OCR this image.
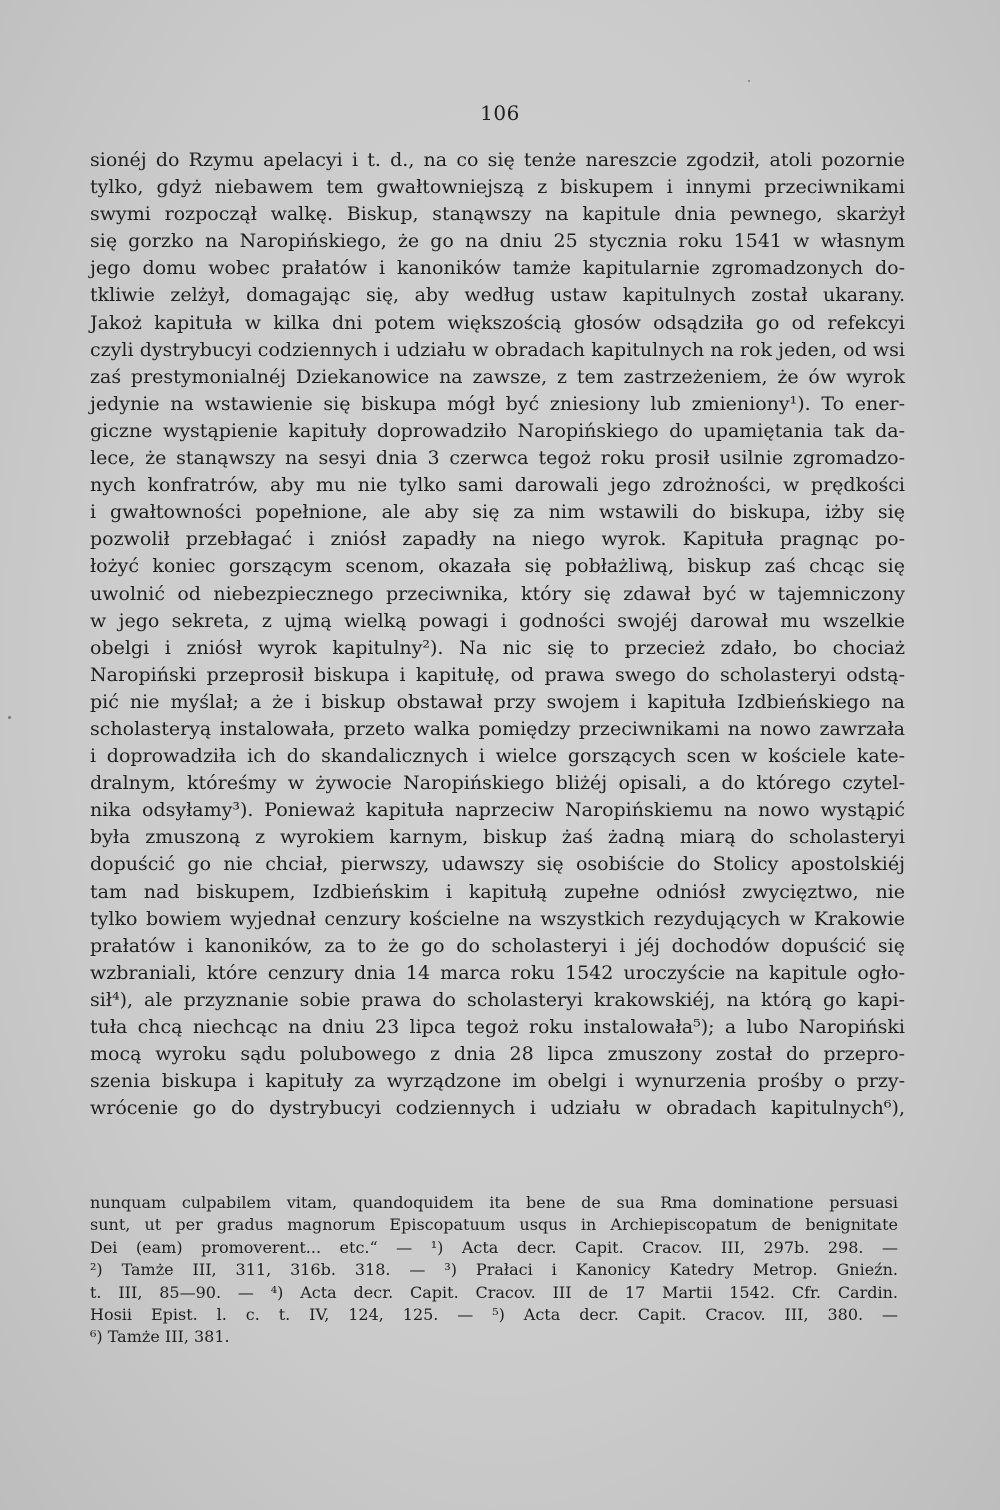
106
sionéj do Rzymu apelacyi i t. d., na co się tenże nareszcie zgodził, atoli pozornie
tylko, gdyż niebawem tem gwałtowniejszą z biskupem i innymi przeciwnikami
swymi rozpoczął walkę. Biskup, stanąwszy na kapitule dnia pewnego, skarżył
się gorzko na Naropińskiego, że go na dniu 25 stycznia roku 1541 w własnym
jego domu wobec prałatów i kanoników tamże kapitularnie zgromadzonych do-
tkliwie zelżył, domagając się, aby według ustaw kapitulnych został ukarany.
Jakoż kapituła w kilka dni potem większością głosów odsądziła go od refekcyi
czyli dystrybucyi codziennych i udziału w obradach kapitulnych na rok jeden, od wsi
zaś prestymonialnéj Dziekanowice na zawsze, z tem zastrzeżeniem, że ów wyrok
jedynie na wstawienie się biskupa mógł być zniesiony lub zmieniony¹). To ener-
giczne wystąpienie kapituły doprowadziło Naropińskiego do upamiętania tak da-
lece, że stanąwszy na sesyi dnia 3 czerwca tegoż roku prosił usilnie zgromadzo-
nych konfratrów, aby mu nie tylko sami darowali jego zdrożności, w prędkości
i gwałtowności popełnione, ale aby się za nim wstawili do biskupa, iżby się
pozwolił przebłagać i zniósł zapadły na niego wyrok. Kapituła pragnąc po-
łożyć koniec gorszącym scenom, okazała się pobłażliwą, biskup zaś chcąc się
uwolnić od niebezpiecznego przeciwnika, który się zdawał być w tajemniczony
w jego sekreta, z ujmą wielką powagi i godności swojéj darował mu wszelkie
obelgi i zniósł wyrok kapitulny²). Na nic się to przecież zdało, bo chociaż
Naropiński przeprosił biskupa i kapitułę, od prawa swego do scholasteryi odstą-
pić nie myślał; a że i biskup obstawał przy swojem i kapituła Izdbieńskiego na
scholasteryą instalowała, przeto walka pomiędzy przeciwnikami na nowo zawrzała
i doprowadziła ich do skandalicznych i wielce gorszących scen w kościele kate-
dralnym, któreśmy w żywocie Naropińskiego bliżéj opisali, a do którego czytel-
nika odsyłamy³). Ponieważ kapituła naprzeciw Naropińskiemu na nowo wystąpić
była zmuszoną z wyrokiem karnym, biskup żaś żadną miarą do scholasteryi
dopuścić go nie chciał, pierwszy, udawszy się osobiście do Stolicy apostolskiéj
tam nad biskupem, Izdbieńskim i kapitułą zupełne odniósł zwycięztwo, nie
tylko bowiem wyjednał cenzury kościelne na wszystkich rezydujących w Krakowie
prałatów i kanoników, za to że go do scholasteryi i jéj dochodów dopuścić się
wzbraniali, które cenzury dnia 14 marca roku 1542 uroczyście na kapitule ogło-
sił⁴), ale przyznanie sobie prawa do scholasteryi krakowskiéj, na którą go kapi-
tuła chcą niechcąc na dniu 23 lipca tegoż roku instalowała⁵); a lubo Naropiński
mocą wyroku sądu polubowego z dnia 28 lipca zmuszony został do przepro-
szenia biskupa i kapituły za wyrządzone im obelgi i wynurzenia prośby o przy-
wrócenie go do dystrybucyi codziennych i udziału w obradach kapitulnych⁶),
nunquam culpabilem vitam, quandoquidem ita bene de sua Rma dominatione persuasi
sunt, ut per gradus magnorum Episcopatuum usqus in Archiepiscopatum de benignitate
Dei (eam) promoverent... etc.“ — ¹) Acta decr. Capit. Cracov. III, 297b. 298. —
²) Tamże III, 311, 316b. 318. — ³) Prałaci i Kanonicy Katedry Metrop. Gnieźn.
t. III, 85—90. — ⁴) Acta decr. Capit. Cracov. III de 17 Martii 1542. Cfr. Cardin.
Hosii Epist. l. c. t. IV, 124, 125. — ⁵) Acta decr. Capit. Cracov. III, 380. —
⁶) Tamże III, 381.
